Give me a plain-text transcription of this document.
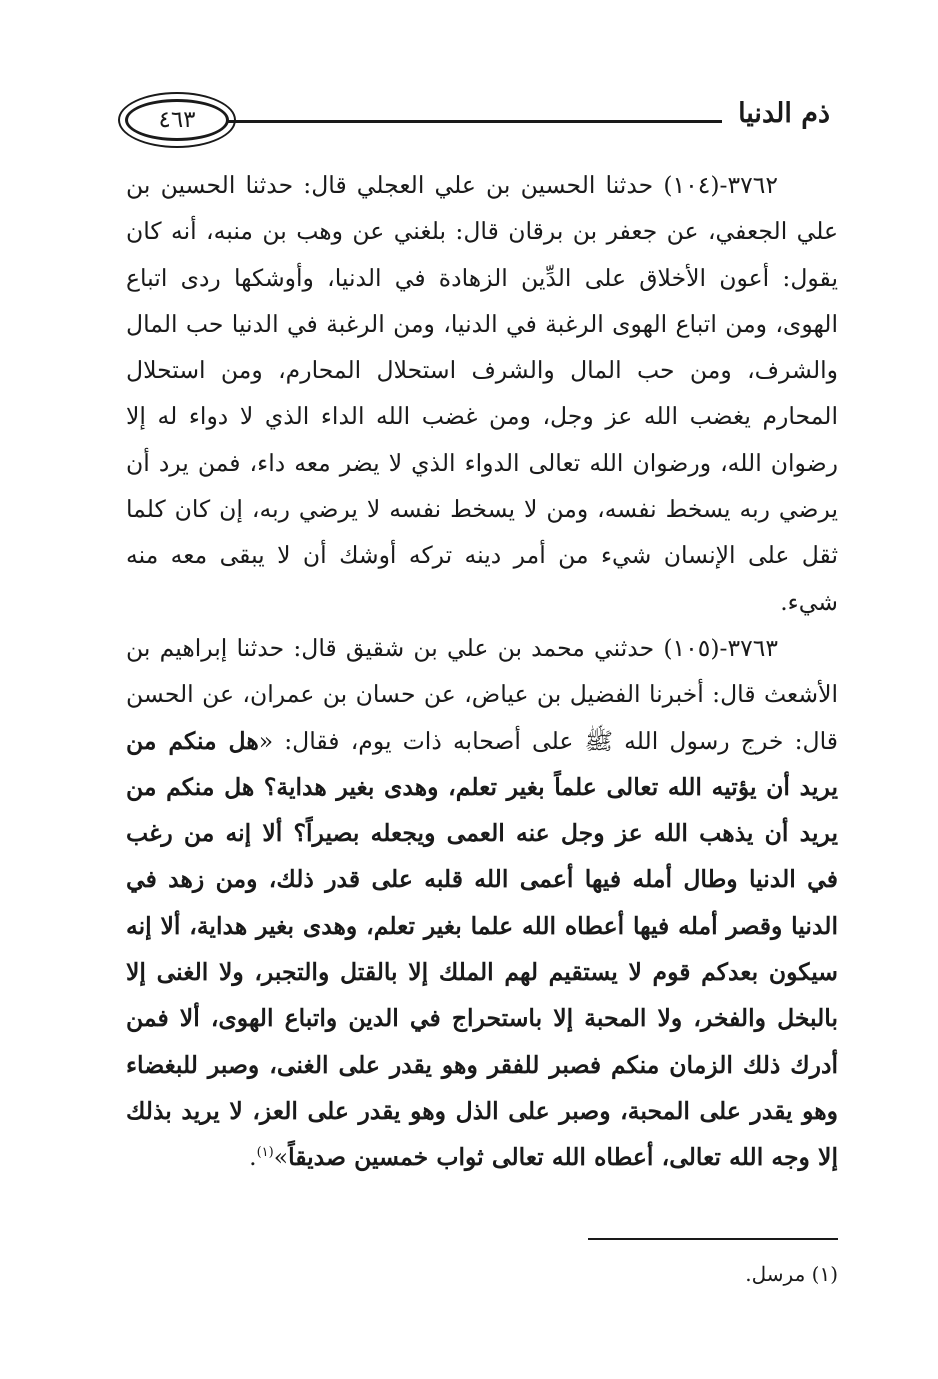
ذم الدنيا
٤٦٣

٣٧٦٢-(١٠٤) حدثنا الحسين بن علي العجلي قال: حدثنا الحسين بن علي الجعفي، عن جعفر بن برقان قال: بلغني عن وهب بن منبه، أنه كان يقول: أعون الأخلاق على الدِّين الزهادة في الدنيا، وأوشكها ردى اتباع الهوى، ومن اتباع الهوى الرغبة في الدنيا، ومن الرغبة في الدنيا حب المال والشرف، ومن حب المال والشرف استحلال المحارم، ومن استحلال المحارم يغضب الله عز وجل، ومن غضب الله الداء الذي لا دواء له إلا رضوان الله، ورضوان الله تعالى الدواء الذي لا يضر معه داء، فمن يرد أن يرضي ربه يسخط نفسه، ومن لا يسخط نفسه لا يرضي ربه، إن كان كلما ثقل على الإنسان شيء من أمر دينه تركه أوشك أن لا يبقى معه منه شيء.

٣٧٦٣-(١٠٥) حدثني محمد بن علي بن شقيق قال: حدثنا إبراهيم بن الأشعث قال: أخبرنا الفضيل بن عياض، عن حسان بن عمران، عن الحسن قال: خرج رسول الله ﷺ على أصحابه ذات يوم، فقال: «هل منكم من يريد أن يؤتيه الله تعالى علماً بغير تعلم، وهدى بغير هداية؟ هل منكم من يريد أن يذهب الله عز وجل عنه العمى ويجعله بصيراً؟ ألا إنه من رغب في الدنيا وطال أمله فيها أعمى الله قلبه على قدر ذلك، ومن زهد في الدنيا وقصر أمله فيها أعطاه الله علما بغير تعلم، وهدى بغير هداية، ألا إنه سيكون بعدكم قوم لا يستقيم لهم الملك إلا بالقتل والتجبر، ولا الغنى إلا بالبخل والفخر، ولا المحبة إلا باستحراج في الدين واتباع الهوى، ألا فمن أدرك ذلك الزمان منكم فصبر للفقر وهو يقدر على الغنى، وصبر للبغضاء وهو يقدر على المحبة، وصبر على الذل وهو يقدر على العز، لا يريد بذلك إلا وجه الله تعالى، أعطاه الله تعالى ثواب خمسين صديقاً»$^{(١)}$.

(١) مرسل.
